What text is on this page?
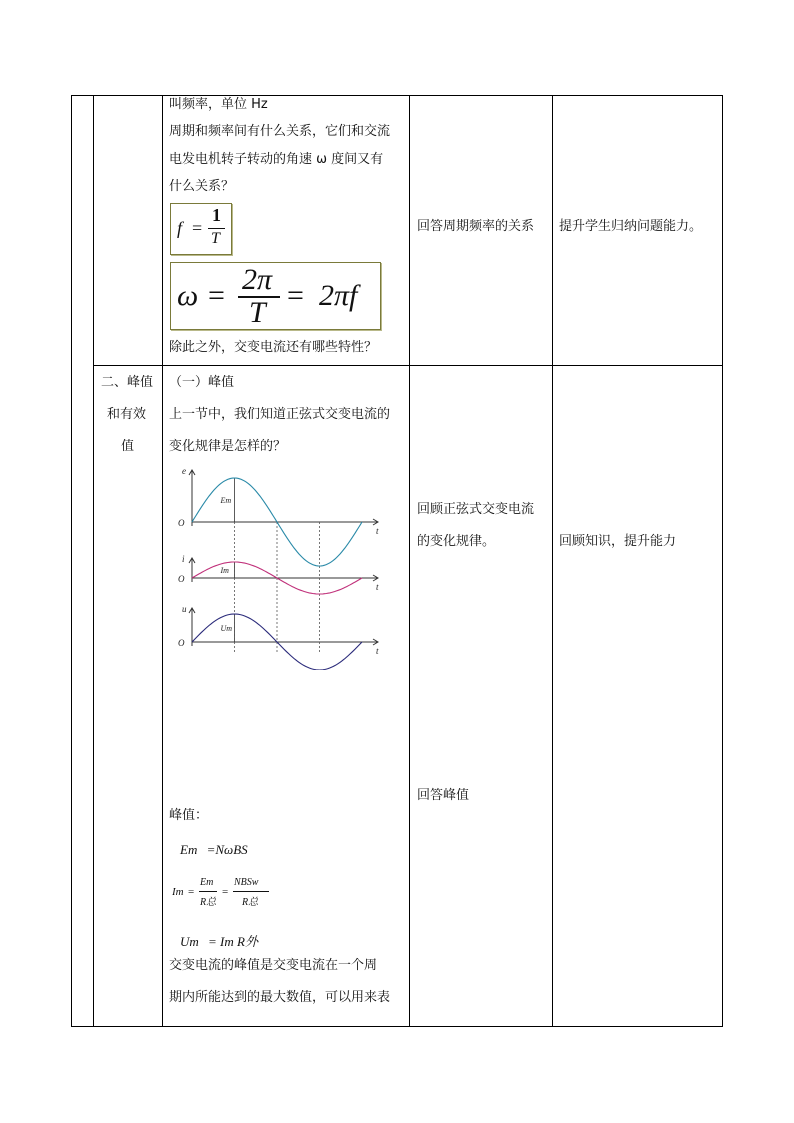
叫频率，单位 Hz
周期和频率间有什么关系，它们和交流
电发电机转子转动的角速 ω 度间又有
什么关系？
f =
1
T
ω = 2π
T
= 2πf
除此之外，交变电流还有哪些特性？
回答周期频率的关系 提升学生归纳问题能力。
二、峰值
和有效
值
（一）峰值
上一节中，我们知道正弦式交变电流的
变化规律是怎样的？
e
O
t
Em
i
O
t
Im
u
O
t
Um
峰值：
Em =NωBS
Im =
Em
R总
=
NBSw
R总
Um = Im R外
交变电流的峰值是交变电流在一个周
期内所能达到的最大数值，可以用来表
回顾正弦式交变电流
的变化规律。
回答峰值
回顾知识，提升能力
